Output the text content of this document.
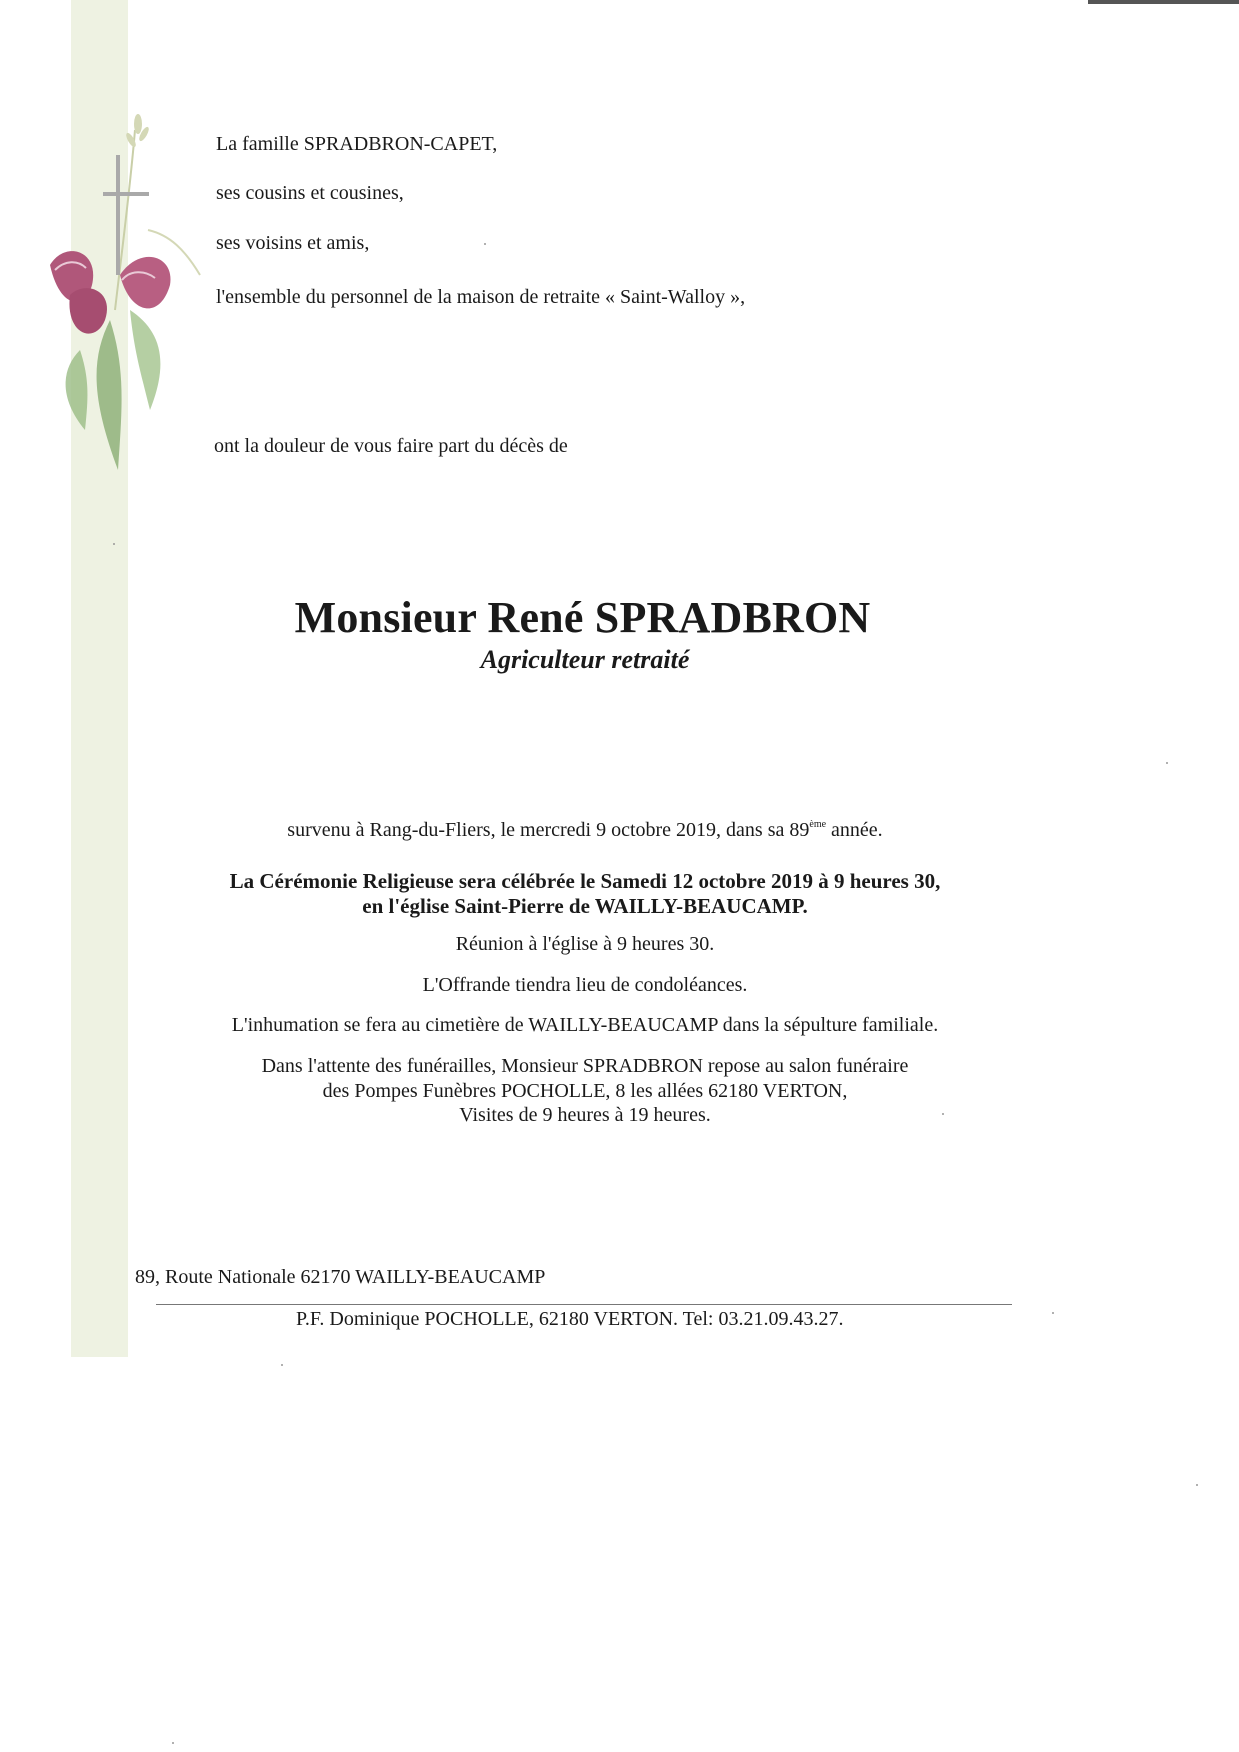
La famille SPRADBRON-CAPET,
ses cousins et cousines,
ses voisins et amis,
l'ensemble du personnel de la maison de retraite « Saint-Walloy »,
ont la douleur de vous faire part du décès de
Monsieur René SPRADBRON
Agriculteur retraité
survenu à Rang-du-Fliers, le mercredi 9 octobre 2019, dans sa 89ème année.
La Cérémonie Religieuse sera célébrée le Samedi 12 octobre 2019 à 9 heures 30,
en l'église Saint-Pierre de WAILLY-BEAUCAMP.
Réunion à l'église à 9 heures 30.
L'Offrande tiendra lieu de condoléances.
L'inhumation se fera au cimetière de WAILLY-BEAUCAMP dans la sépulture familiale.
Dans l'attente des funérailles, Monsieur SPRADBRON repose au salon funéraire
des Pompes Funèbres POCHOLLE, 8 les allées 62180 VERTON,
Visites de 9 heures à 19 heures.
89, Route Nationale 62170 WAILLY-BEAUCAMP
P.F. Dominique POCHOLLE, 62180 VERTON. Tel: 03.21.09.43.27.
